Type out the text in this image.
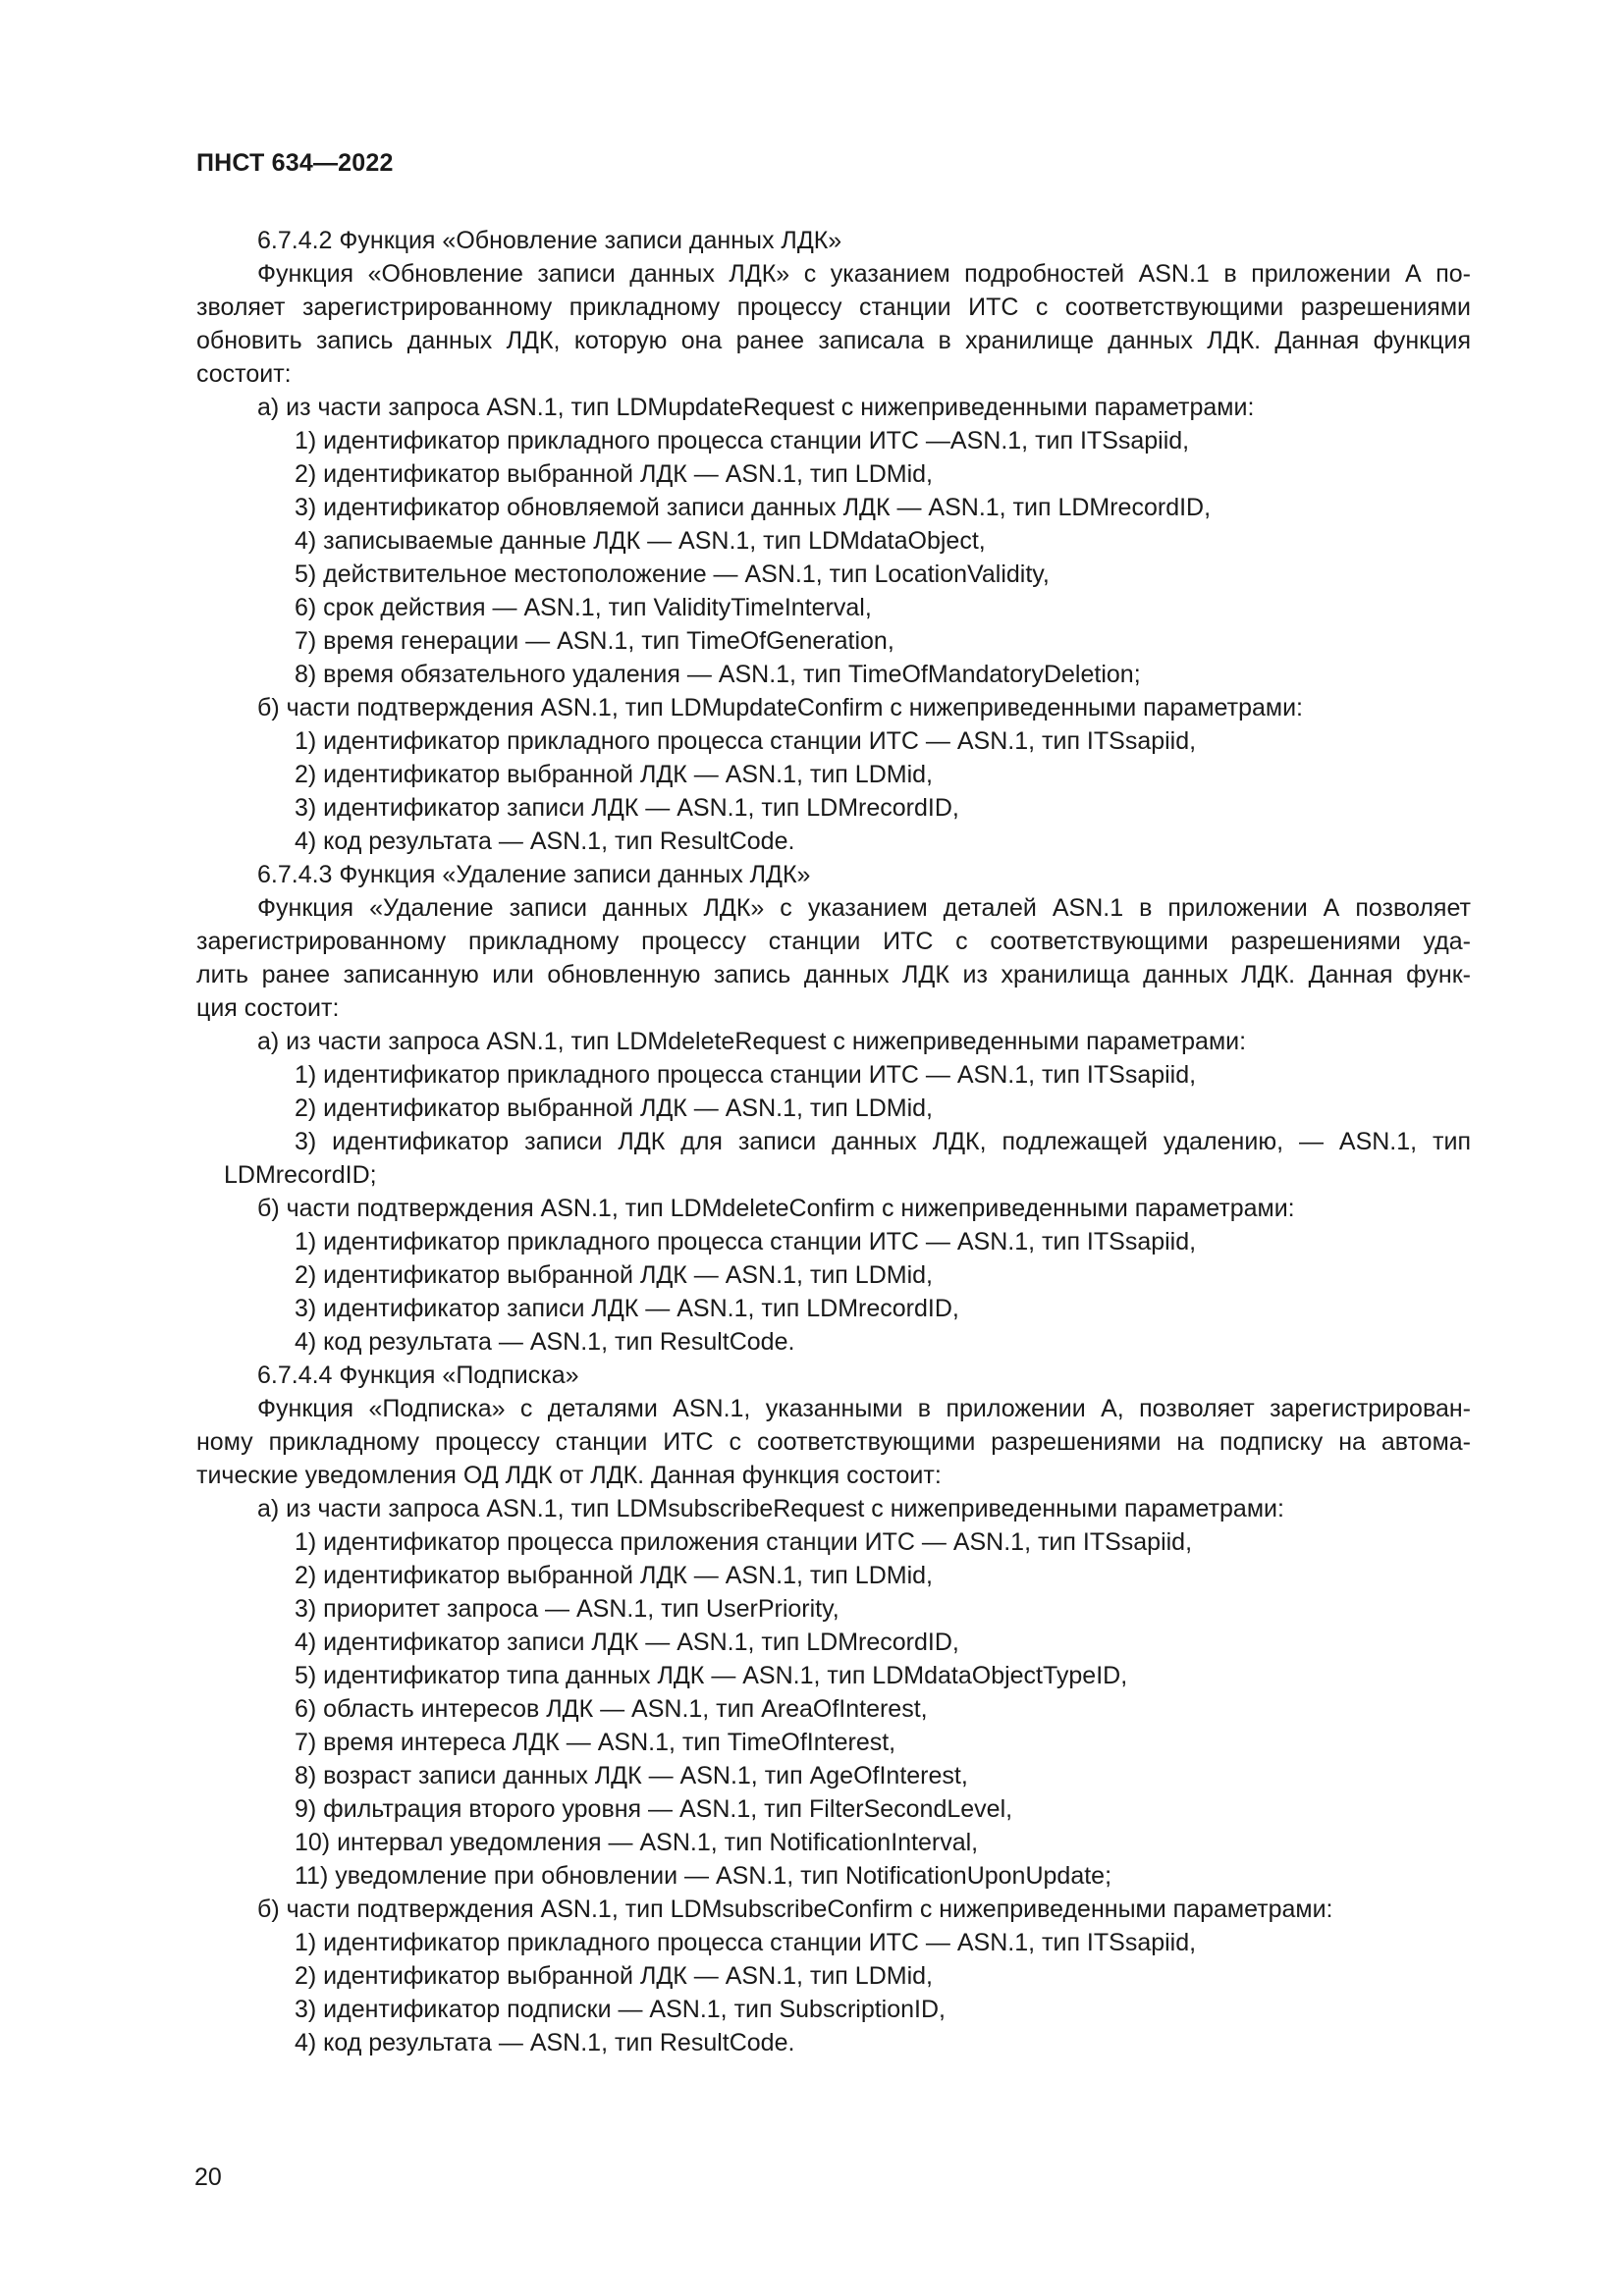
ПНСТ 634—2022
6.7.4.2 Функция «Обновление записи данных ЛДК»
Функция «Обновление записи данных ЛДК» с указанием подробностей ASN.1 в приложении А по-
зволяет зарегистрированному прикладному процессу станции ИТС с соответствующими разрешениями
обновить запись данных ЛДК, которую она ранее записала в хранилище данных ЛДК. Данная функция
состоит:
а) из части запроса ASN.1, тип LDMupdateRequest с нижеприведенными параметрами:
1) идентификатор прикладного процесса станции ИТС —ASN.1, тип ITSsapiid,
2) идентификатор выбранной ЛДК — ASN.1, тип LDMid,
3) идентификатор обновляемой записи данных ЛДК — ASN.1, тип LDMrecordID,
4) записываемые данные ЛДК — ASN.1, тип LDMdataObject,
5) действительное местоположение — ASN.1, тип LocationValidity,
6) срок действия — ASN.1, тип ValidityTimeInterval,
7) время генерации — ASN.1, тип TimeOfGeneration,
8) время обязательного удаления — ASN.1, тип TimeOfMandatoryDeletion;
б) части подтверждения ASN.1, тип LDMupdateConfirm с нижеприведенными параметрами:
1) идентификатор прикладного процесса станции ИТС — ASN.1, тип ITSsapiid,
2) идентификатор выбранной ЛДК — ASN.1, тип LDMid,
3) идентификатор записи ЛДК — ASN.1, тип LDMrecordID,
4) код результата — ASN.1, тип ResultCode.
6.7.4.3 Функция «Удаление записи данных ЛДК»
Функция «Удаление записи данных ЛДК» с указанием деталей ASN.1 в приложении А позволяет
зарегистрированному прикладному процессу станции ИТС с соответствующими разрешениями уда-
лить ранее записанную или обновленную запись данных ЛДК из хранилища данных ЛДК. Данная функ-
ция состоит:
а) из части запроса ASN.1, тип LDMdeleteRequest с нижеприведенными параметрами:
1) идентификатор прикладного процесса станции ИТС — ASN.1, тип ITSsapiid,
2) идентификатор выбранной ЛДК — ASN.1, тип LDMid,
3) идентификатор записи ЛДК для записи данных ЛДК, подлежащей удалению, — ASN.1, тип
LDMrecordID;
б) части подтверждения ASN.1, тип LDMdeleteConfirm с нижеприведенными параметрами:
1) идентификатор прикладного процесса станции ИТС — ASN.1, тип ITSsapiid,
2) идентификатор выбранной ЛДК — ASN.1, тип LDMid,
3) идентификатор записи ЛДК — ASN.1, тип LDMrecordID,
4) код результата — ASN.1, тип ResultCode.
6.7.4.4 Функция «Подписка»
Функция «Подписка» с деталями ASN.1, указанными в приложении А, позволяет зарегистрирован-
ному прикладному процессу станции ИТС с соответствующими разрешениями на подписку на автома-
тические уведомления ОД ЛДК от ЛДК. Данная функция состоит:
а) из части запроса ASN.1, тип LDMsubscribeRequest с нижеприведенными параметрами:
1) идентификатор процесса приложения станции ИТС — ASN.1, тип ITSsapiid,
2) идентификатор выбранной ЛДК — ASN.1, тип LDMid,
3) приоритет запроса — ASN.1, тип UserPriority,
4) идентификатор записи ЛДК — ASN.1, тип LDMrecordID,
5) идентификатор типа данных ЛДК — ASN.1, тип LDMdataObjectTypeID,
6) область интересов ЛДК — ASN.1, тип AreaOfInterest,
7) время интереса ЛДК — ASN.1, тип TimeOfInterest,
8) возраст записи данных ЛДК — ASN.1, тип AgeOfInterest,
9) фильтрация второго уровня — ASN.1, тип FilterSecondLevel,
10) интервал уведомления — ASN.1, тип NotificationInterval,
11) уведомление при обновлении — ASN.1, тип NotificationUponUpdate;
б) части подтверждения ASN.1, тип LDMsubscribeConfirm с нижеприведенными параметрами:
1) идентификатор прикладного процесса станции ИТС — ASN.1, тип ITSsapiid,
2) идентификатор выбранной ЛДК — ASN.1, тип LDMid,
3) идентификатор подписки — ASN.1, тип SubscriptionID,
4) код результата — ASN.1, тип ResultCode.
20
